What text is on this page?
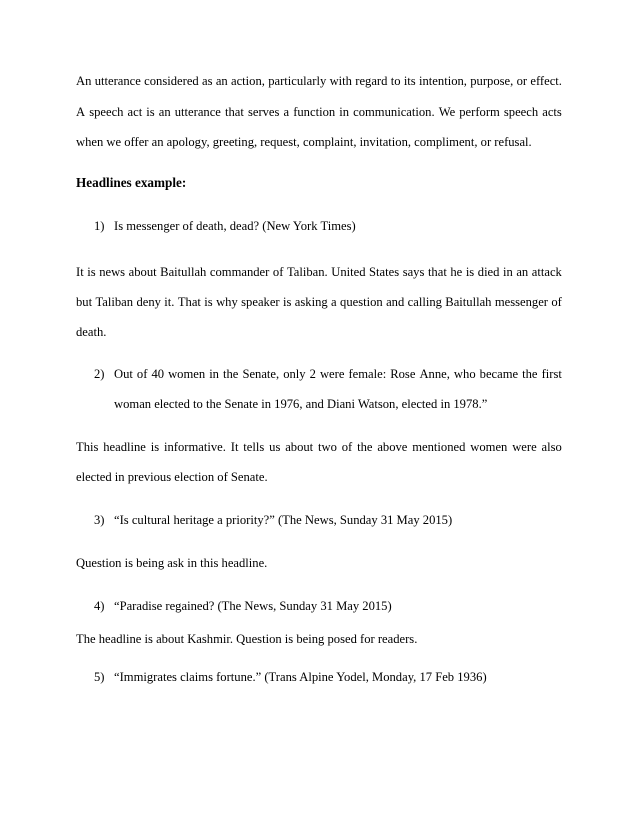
An utterance considered as an action, particularly with regard to its intention, purpose, or effect.
A speech act is an utterance that serves a function in communication. We perform speech acts
when we offer an apology, greeting, request, complaint, invitation, compliment, or refusal.
Headlines example:
1) Is messenger of death, dead? (New York Times)
It is news about Baitullah commander of Taliban. United States says that he is died in an attack
but Taliban deny it. That is why speaker is asking a question and calling Baitullah messenger of
death.
2) Out of 40 women in the Senate, only 2 were female: Rose Anne, who became the first
woman elected to the Senate in 1976, and Diani Watson, elected in 1978.”
This headline is informative. It tells us about two of the above mentioned women were also
elected in previous election of Senate.
3) “Is cultural heritage a priority?” (The News, Sunday 31 May 2015)
Question is being ask in this headline.
4) “Paradise regained? (The News, Sunday 31 May 2015)
The headline is about Kashmir. Question is being posed for readers.
5) “Immigrates claims fortune.” (Trans Alpine Yodel, Monday, 17 Feb 1936)
